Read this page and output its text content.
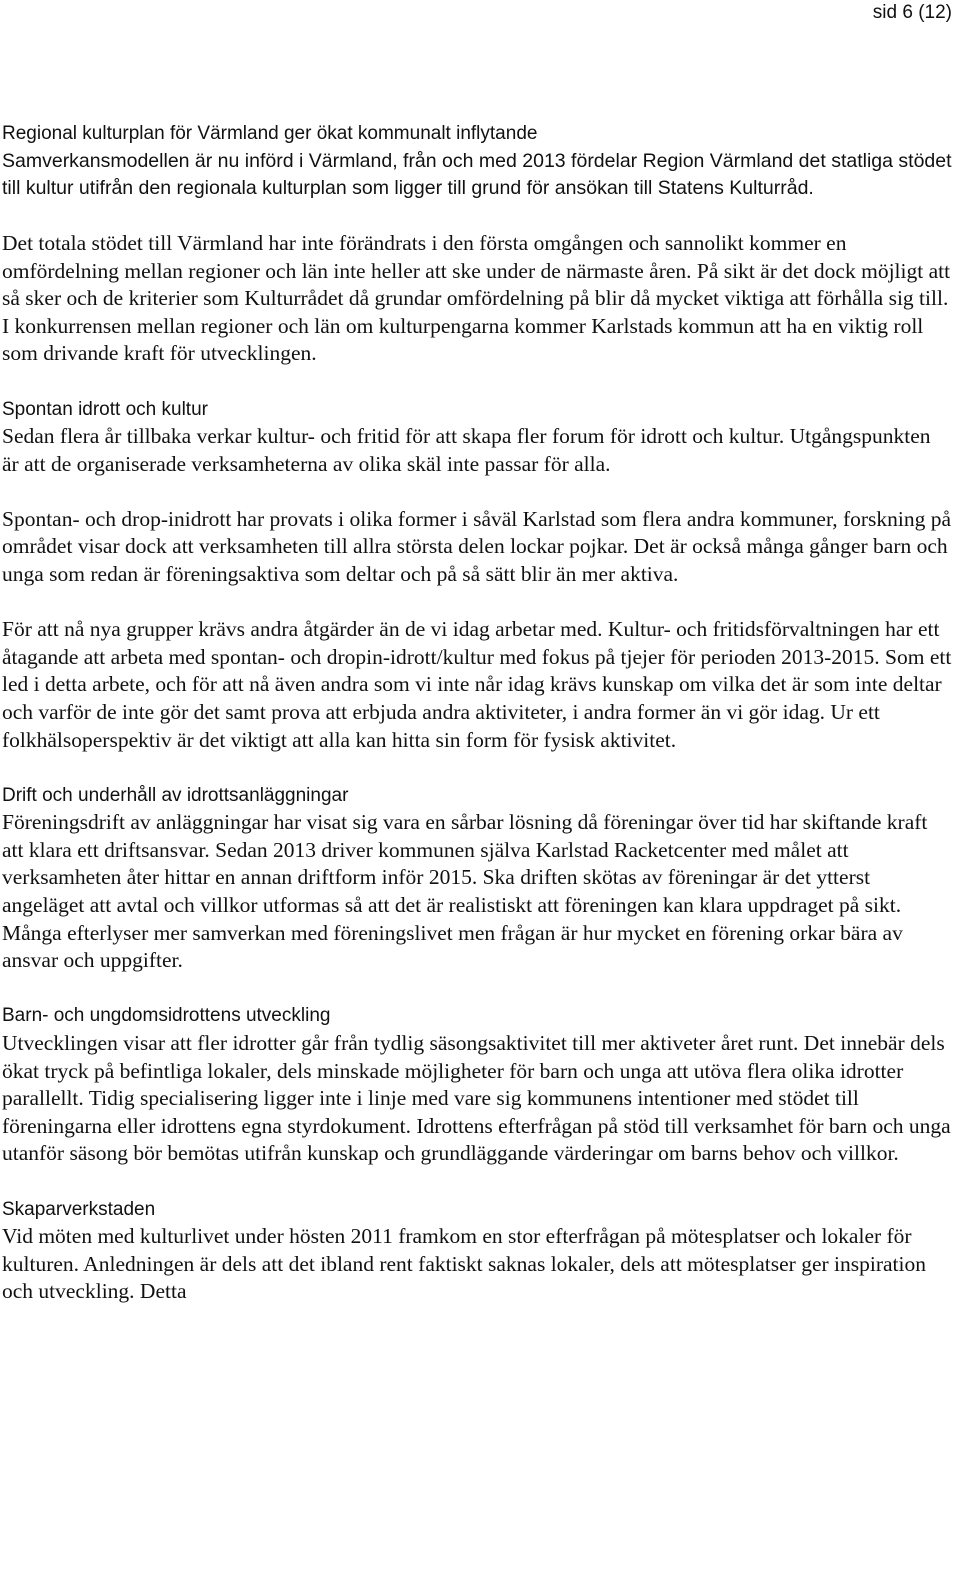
sid 6 (12)

Regional kulturplan för Värmland ger ökat kommunalt inflytande

Samverkansmodellen är nu införd i Värmland, från och med 2013 fördelar Region Värmland det statliga stödet till kultur utifrån den regionala kulturplan som ligger till grund för ansökan till Statens Kulturråd.

Det totala stödet till Värmland har inte förändrats i den första omgången och sannolikt kommer en omfördelning mellan regioner och län inte heller att ske under de närmaste åren. På sikt är det dock möjligt att så sker och de kriterier som Kulturrådet då grundar omfördelning på blir då mycket viktiga att förhålla sig till. I konkurrensen mellan regioner och län om kulturpengarna kommer Karlstads kommun att ha en viktig roll som drivande kraft för utvecklingen.

Spontan idrott och kultur

Sedan flera år tillbaka verkar kultur- och fritid för att skapa fler forum för idrott och kultur. Utgångspunkten är att de organiserade verksamheterna av olika skäl inte passar för alla.

Spontan- och drop-inidrott har provats i olika former i såväl Karlstad som flera andra kommuner, forskning på området visar dock att verksamheten till allra största delen lockar pojkar. Det är också många gånger barn och unga som redan är föreningsaktiva som deltar och på så sätt blir än mer aktiva.

För att nå nya grupper krävs andra åtgärder än de vi idag arbetar med. Kultur- och fritidsförvaltningen har ett åtagande att arbeta med spontan- och dropin-idrott/kultur med fokus på tjejer för perioden 2013-2015. Som ett led i detta arbete, och för att nå även andra som vi inte når idag krävs kunskap om vilka det är som inte deltar och varför de inte gör det samt prova att erbjuda andra aktiviteter, i andra former än vi gör idag. Ur ett folkhälsoperspektiv är det viktigt att alla kan hitta sin form för fysisk aktivitet.

Drift och underhåll av idrottsanläggningar

Föreningsdrift av anläggningar har visat sig vara en sårbar lösning då föreningar över tid har skiftande kraft att klara ett driftsansvar. Sedan 2013 driver kommunen själva Karlstad Racketcenter med målet att verksamheten åter hittar en annan driftform inför 2015. Ska driften skötas av föreningar är det ytterst angeläget att avtal och villkor utformas så att det är realistiskt att föreningen kan klara uppdraget på sikt. Många efterlyser mer samverkan med föreningslivet men frågan är hur mycket en förening orkar bära av ansvar och uppgifter.

Barn- och ungdomsidrottens utveckling

Utvecklingen visar att fler idrotter går från tydlig säsongsaktivitet till mer aktiveter året runt. Det innebär dels ökat tryck på befintliga lokaler, dels minskade möjligheter för barn och unga att utöva flera olika idrotter parallellt. Tidig specialisering ligger inte i linje med vare sig kommunens intentioner med stödet till föreningarna eller idrottens egna styrdokument. Idrottens efterfrågan på stöd till verksamhet för barn och unga utanför säsong bör bemötas utifrån kunskap och grundläggande värderingar om barns behov och villkor.

Skaparverkstaden

Vid möten med kulturlivet under hösten 2011 framkom en stor efterfrågan på mötesplatser och lokaler för kulturen. Anledningen är dels att det ibland rent faktiskt saknas lokaler, dels att mötesplatser ger inspiration och utveckling. Detta
